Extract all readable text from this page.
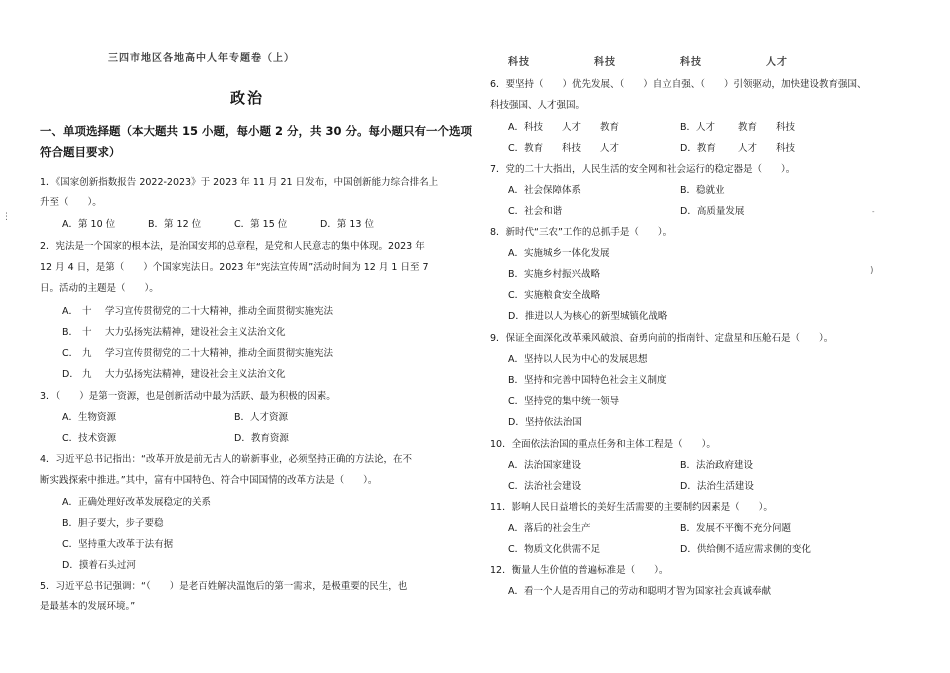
三四市地区各地高中人年专题卷（上）
政治
一、单项选择题（本大题共 15 小题，每小题 2 分，共 30 分。每小题只有一个选项
符合题目要求）
1．《国家创新指数报告 2022-2023》于 2023 年 11 月 21 日发布，中国创新能力综合排名上
升至（　　）。
A．第 10 位	B．第 12 位	C．第 15 位	D．第 13 位
2．宪法是一个国家的根本法，是治国安邦的总章程，是党和人民意志的集中体现。2023 年
12 月 4 日，是第（　　）个国家宪法日。2023 年“宪法宣传周”活动时间为 12 月 1 日至 7
日。活动的主题是（　　）。
A． 十 学习宣传贯彻党的二十大精神，推动全面贯彻实施宪法
B． 十 大力弘扬宪法精神，建设社会主义法治文化
C． 九 学习宣传贯彻党的二十大精神，推动全面贯彻实施宪法
D． 九 大力弘扬宪法精神，建设社会主义法治文化
3．（　　）是第一资源，也是创新活动中最为活跃、最为积极的因素。
A．生物资源	B．人才资源
C．技术资源	D．教育资源
4．习近平总书记指出：“改革开放是前无古人的崭新事业，必须坚持正确的方法论，在不
断实践探索中推进。”其中，富有中国特色、符合中国国情的改革方法是（　　）。
A．正确处理好改革发展稳定的关系
B．胆子要大，步子要稳
C．坚持重大改革于法有据
D．摸着石头过河
5．习近平总书记强调：“（　　）是老百姓解决温饱后的第一需求，是极重要的民生，也
是最基本的发展环境。”
科技	科技	科技	人才
6．要坚持（　　）优先发展、（　　）自立自强、（　　）引领驱动，加快建设教育强国、
科技强国、人才强国。
A．科技 人才 教育	B．人才 教育 科技
C．教育 科技 人才	D．教育 人才 科技
7．党的二十大指出，人民生活的安全网和社会运行的稳定器是（　　）。
A．社会保障体系	B．稳就业
C．社会和谐	D．高质量发展
8．新时代“三农”工作的总抓手是（　　）。
A．实施城乡一体化发展
B．实施乡村振兴战略
C．实施粮食安全战略
D．推进以人为核心的新型城镇化战略
9．保证全面深化改革乘风破浪、奋勇向前的指南针、定盘星和压舱石是（　　）。
A．坚持以人民为中心的发展思想
B．坚持和完善中国特色社会主义制度
C．坚持党的集中统一领导
D．坚持依法治国
10．全面依法治国的重点任务和主体工程是（　　）。
A．法治国家建设	B．法治政府建设
C．法治社会建设	D．法治生活建设
11．影响人民日益增长的美好生活需要的主要制约因素是（　　）。
A．落后的社会生产	B．发展不平衡不充分问题
C．物质文化供需不足	D．供给侧不适应需求侧的变化
12．衡量人生价值的普遍标准是（　　）。
A．看一个人是否用自己的劳动和聪明才智为国家社会真诚奉献
⋮
)
-
